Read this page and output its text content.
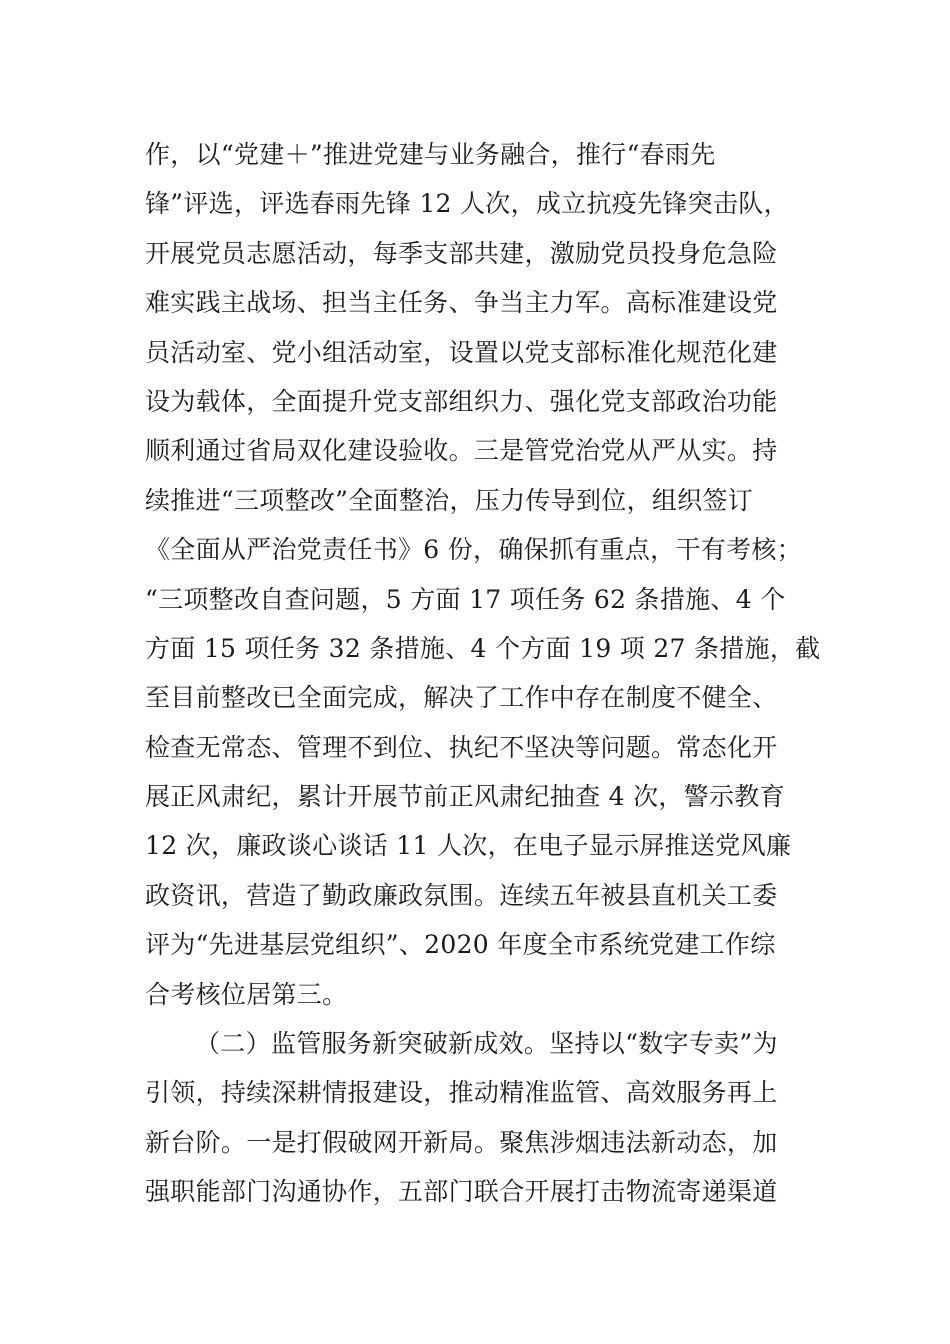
作，以“党建＋”推进党建与业务融合，推行“春雨先
锋”评选，评选春雨先锋 12 人次，成立抗疫先锋突击队，
开展党员志愿活动，每季支部共建，激励党员投身危急险
难实践主战场、担当主任务、争当主力军。高标准建设党
员活动室、党小组活动室，设置以党支部标准化规范化建
设为载体，全面提升党支部组织力、强化党支部政治功能
顺利通过省局双化建设验收。三是管党治党从严从实。持
续推进“三项整改”全面整治，压力传导到位，组织签订
《全面从严治党责任书》6 份，确保抓有重点，干有考核；
“三项整改自查问题，5 方面 17 项任务 62 条措施、4 个
方面 15 项任务 32 条措施、4 个方面 19 项 27 条措施，截
至目前整改已全面完成，解决了工作中存在制度不健全、
检查无常态、管理不到位、执纪不坚决等问题。常态化开
展正风肃纪，累计开展节前正风肃纪抽查 4 次，警示教育
12 次，廉政谈心谈话 11 人次，在电子显示屏推送党风廉
政资讯，营造了勤政廉政氛围。连续五年被县直机关工委
评为“先进基层党组织”、2020 年度全市系统党建工作综
合考核位居第三。
（二）监管服务新突破新成效。坚持以“数字专卖”为
引领，持续深耕情报建设，推动精准监管、高效服务再上
新台阶。一是打假破网开新局。聚焦涉烟违法新动态，加
强职能部门沟通协作，五部门联合开展打击物流寄递渠道
